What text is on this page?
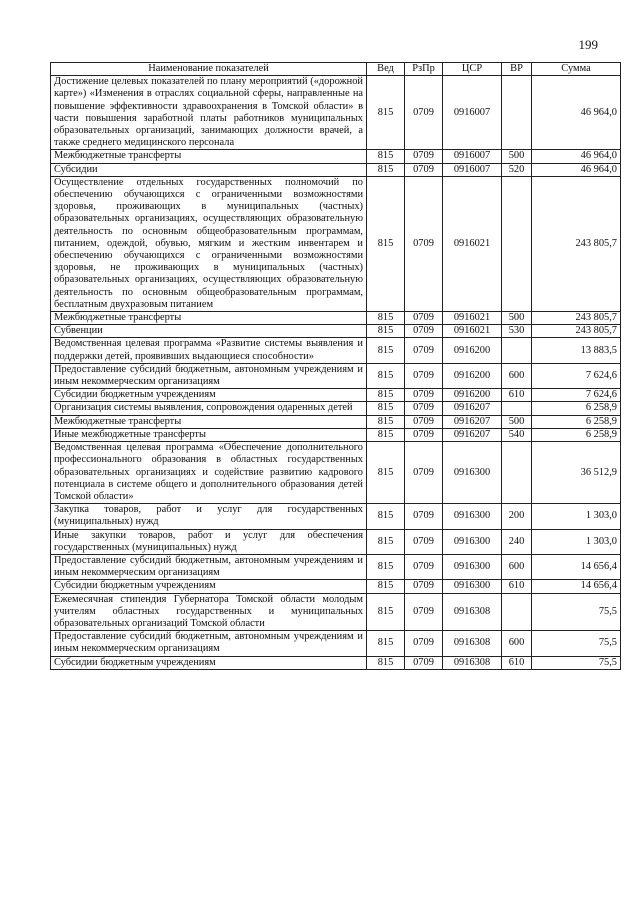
199
Наименование показателей	Вед	РзПр	ЦСР	ВР	Сумма
Достижение целевых показателей по плану мероприятий («дорожной карте») «Изменения в отраслях социальной сферы, направленные на повышение эффективности здравоохранения в Томской области» в части повышения заработной платы работников муниципальных образовательных организаций, занимающих должности врачей, а также среднего медицинского персонала	815	0709	0916007		46 964,0
Межбюджетные трансферты	815	0709	0916007	500	46 964,0
Субсидии	815	0709	0916007	520	46 964,0
Осуществление отдельных государственных полномочий по обеспечению обучающихся с ограниченными возможностями здоровья, проживающих в муниципальных (частных) образовательных организациях, осуществляющих образовательную деятельность по основным общеобразовательным программам, питанием, одеждой, обувью, мягким и жестким инвентарем и обеспечению обучающихся с ограниченными возможностями здоровья, не проживающих в муниципальных (частных) образовательных организациях, осуществляющих образовательную деятельность по основным общеобразовательным программам, бесплатным двухразовым питанием	815	0709	0916021		243 805,7
Межбюджетные трансферты	815	0709	0916021	500	243 805,7
Субвенции	815	0709	0916021	530	243 805,7
Ведомственная целевая программа «Развитие системы выявления и поддержки детей, проявивших выдающиеся способности»	815	0709	0916200		13 883,5
Предоставление субсидий бюджетным, автономным учреждениям и иным некоммерческим организациям	815	0709	0916200	600	7 624,6
Субсидии бюджетным учреждениям	815	0709	0916200	610	7 624,6
Организация системы выявления, сопровождения одаренных детей	815	0709	0916207		6 258,9
Межбюджетные трансферты	815	0709	0916207	500	6 258,9
Иные межбюджетные трансферты	815	0709	0916207	540	6 258,9
Ведомственная целевая программа «Обеспечение дополнительного профессионального образования в областных государственных образовательных организациях и содействие развитию кадрового потенциала в системе общего и дополнительного образования детей Томской области»	815	0709	0916300		36 512,9
Закупка товаров, работ и услуг для государственных (муниципальных) нужд	815	0709	0916300	200	1 303,0
Иные закупки товаров, работ и услуг для обеспечения государственных (муниципальных) нужд	815	0709	0916300	240	1 303,0
Предоставление субсидий бюджетным, автономным учреждениям и иным некоммерческим организациям	815	0709	0916300	600	14 656,4
Субсидии бюджетным учреждениям	815	0709	0916300	610	14 656,4
Ежемесячная стипендия Губернатора Томской области молодым учителям областных государственных и муниципальных образовательных организаций Томской области	815	0709	0916308		75,5
Предоставление субсидий бюджетным, автономным учреждениям и иным некоммерческим организациям	815	0709	0916308	600	75,5
Субсидии бюджетным учреждениям	815	0709	0916308	610	75,5
